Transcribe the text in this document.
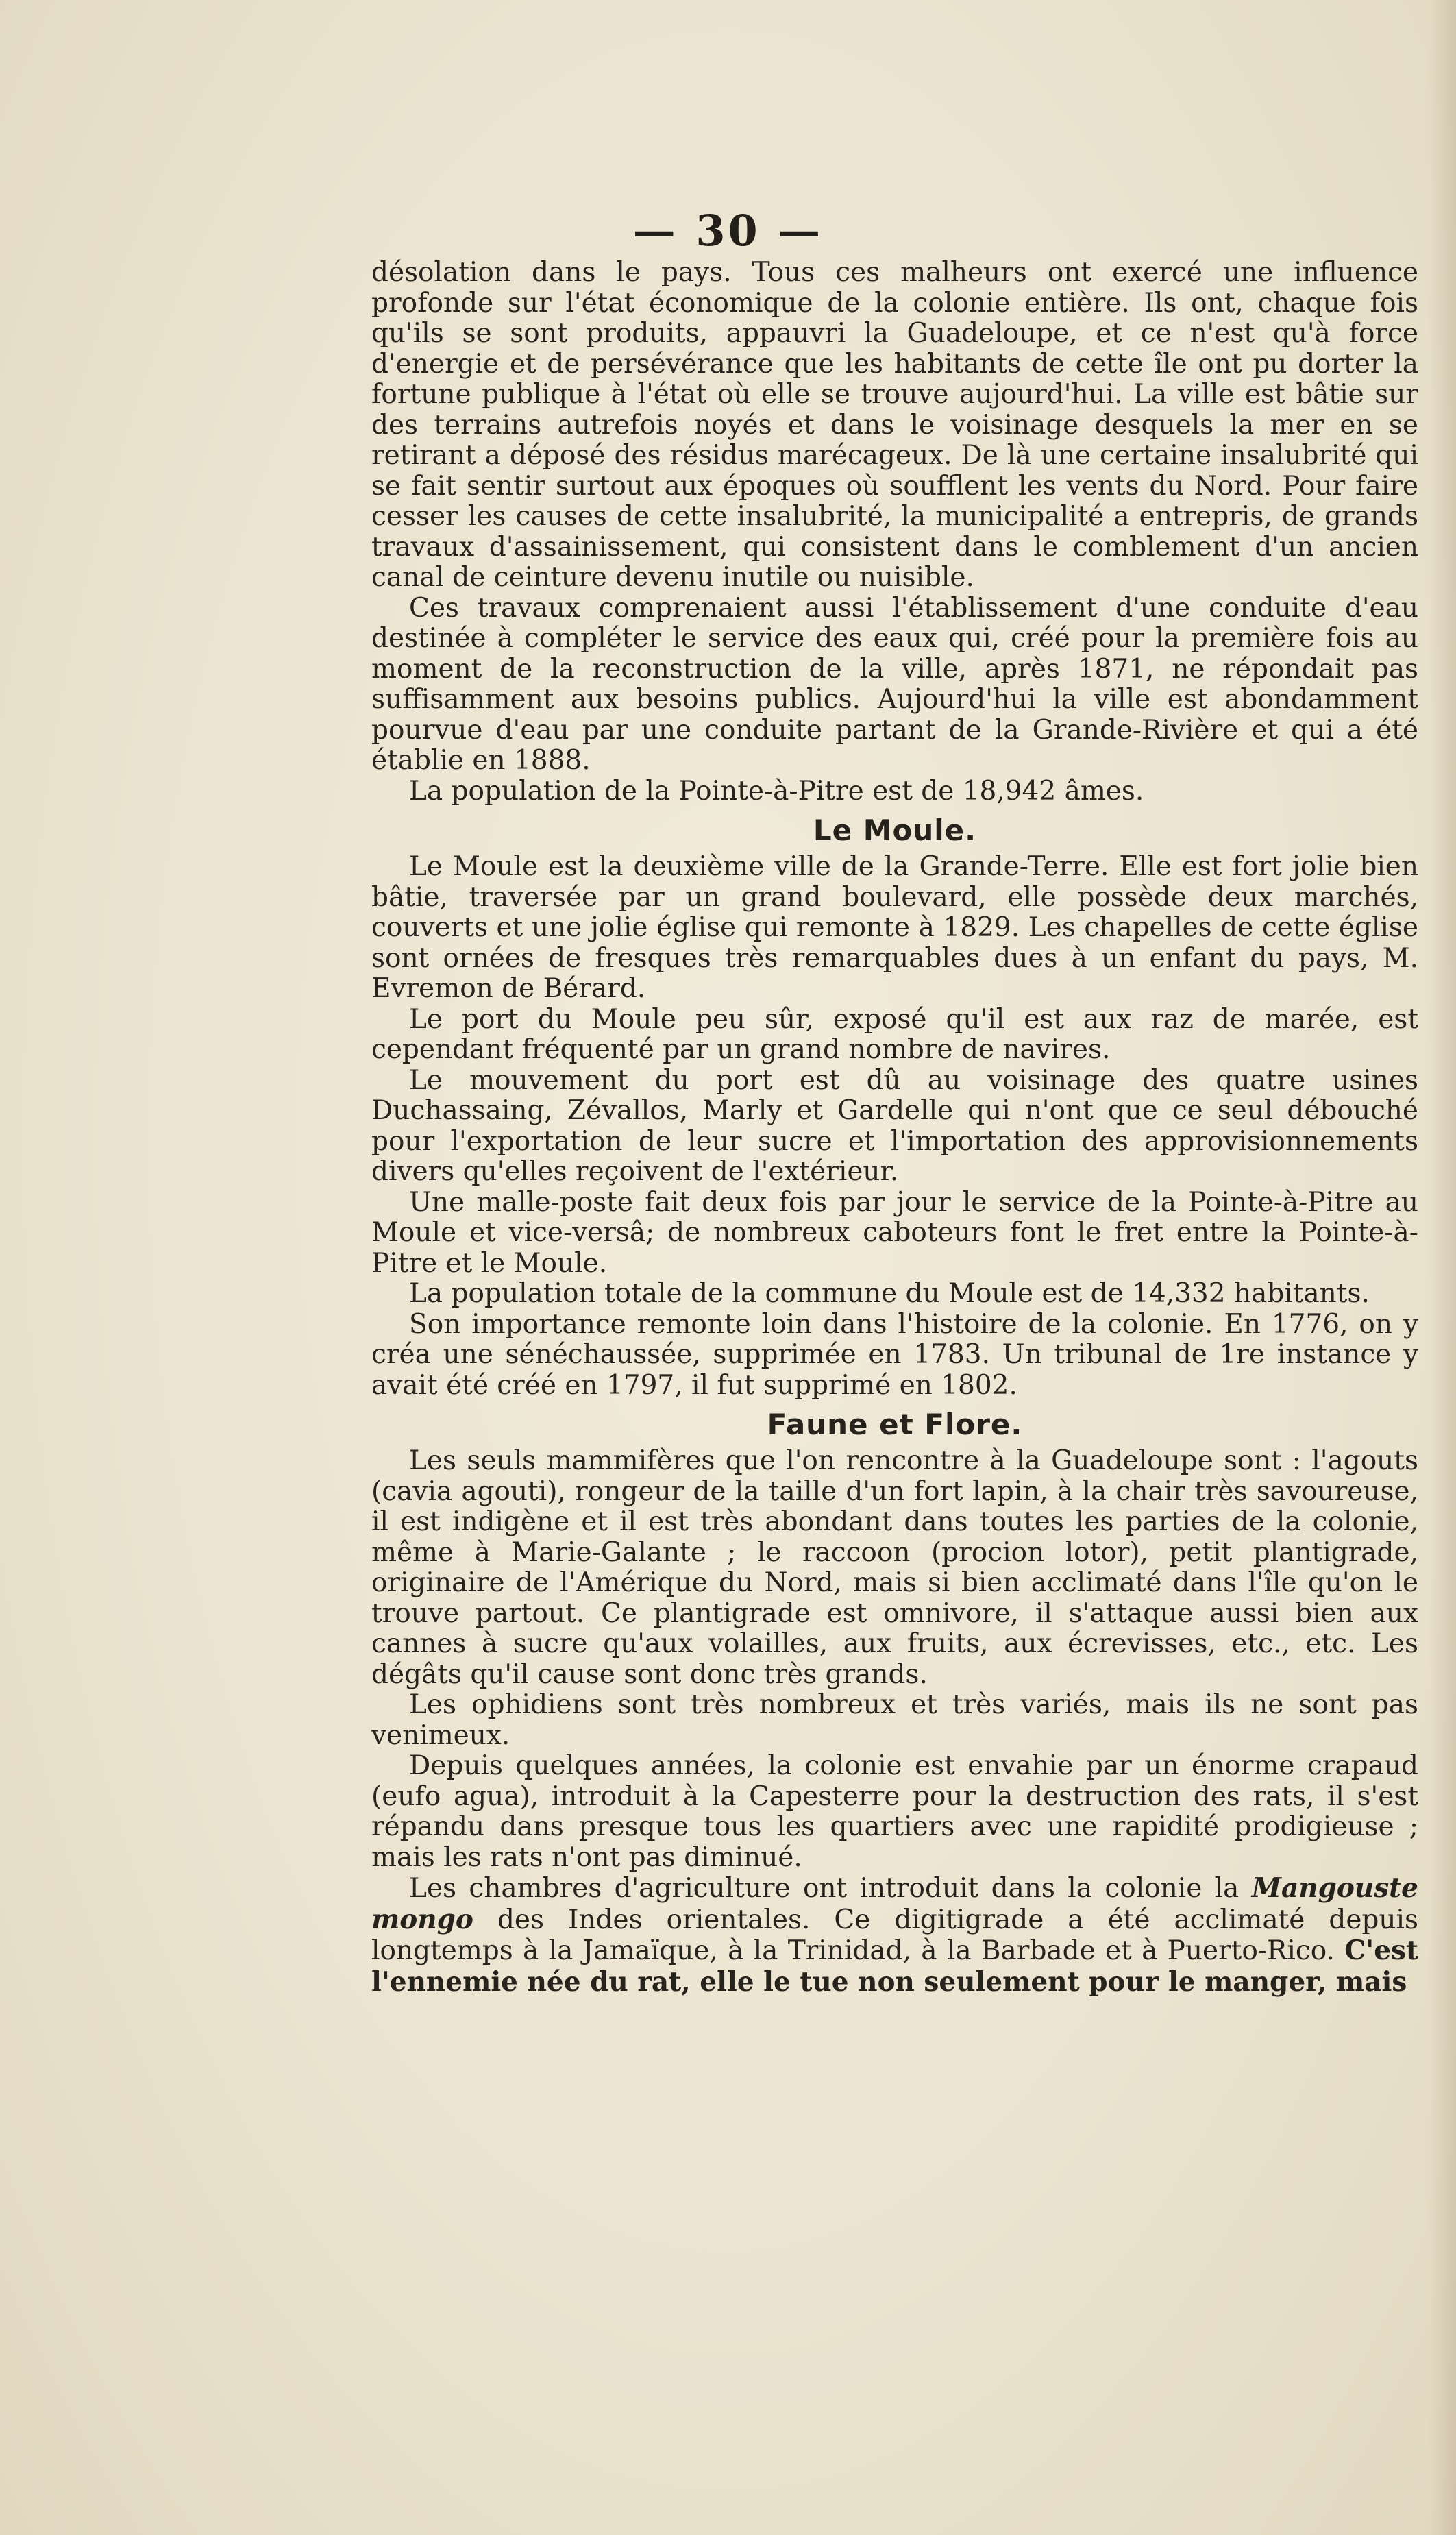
— 30 —

désolation dans le pays. Tous ces malheurs ont exercé une influence profonde sur l'état économique de la colonie entière. Ils ont, chaque fois qu'ils se sont produits, appauvri la Guadeloupe, et ce n'est qu'à force d'energie et de persévérance que les habitants de cette île ont pu dorter la fortune publique à l'état où elle se trouve aujourd'hui. La ville est bâtie sur des terrains autrefois noyés et dans le voisinage desquels la mer en se retirant a déposé des résidus marécageux. De là une certaine insalubrité qui se fait sentir surtout aux époques où soufflent les vents du Nord. Pour faire cesser les causes de cette insalubrité, la municipalité a entrepris, de grands travaux d'assainissement, qui consistent dans le comblement d'un ancien canal de ceinture devenu inutile ou nuisible.

Ces travaux comprenaient aussi l'établissement d'une conduite d'eau destinée à compléter le service des eaux qui, créé pour la première fois au moment de la reconstruction de la ville, après 1871, ne répondait pas suffisamment aux besoins publics. Aujourd'hui la ville est abondamment pourvue d'eau par une conduite partant de la Grande-Rivière et qui a été établie en 1888.

La population de la Pointe-à-Pitre est de 18,942 âmes.

Le Moule.

Le Moule est la deuxième ville de la Grande-Terre. Elle est fort jolie bien bâtie, traversée par un grand boulevard, elle possède deux marchés, couverts et une jolie église qui remonte à 1829. Les chapelles de cette église sont ornées de fresques très remarquables dues à un enfant du pays, M. Evremon de Bérard.

Le port du Moule peu sûr, exposé qu'il est aux raz de marée, est cependant fréquenté par un grand nombre de navires.

Le mouvement du port est dû au voisinage des quatre usines Duchassaing, Zévallos, Marly et Gardelle qui n'ont que ce seul débouché pour l'exportation de leur sucre et l'importation des approvisionnements divers qu'elles reçoivent de l'extérieur.

Une malle-poste fait deux fois par jour le service de la Pointe-à-Pitre au Moule et vice-versâ; de nombreux caboteurs font le fret entre la Pointe-à-Pitre et le Moule.

La population totale de la commune du Moule est de 14,332 habitants.

Son importance remonte loin dans l'histoire de la colonie. En 1776, on y créa une sénéchaussée, supprimée en 1783. Un tribunal de 1re instance y avait été créé en 1797, il fut supprimé en 1802.

Faune et Flore.

Les seuls mammifères que l'on rencontre à la Guadeloupe sont : l'agouts (cavia agouti), rongeur de la taille d'un fort lapin, à la chair très savoureuse, il est indigène et il est très abondant dans toutes les parties de la colonie, même à Marie-Galante ; le raccoon (procion lotor), petit plantigrade, originaire de l'Amérique du Nord, mais si bien acclimaté dans l'île qu'on le trouve partout. Ce plantigrade est omnivore, il s'attaque aussi bien aux cannes à sucre qu'aux volailles, aux fruits, aux écrevisses, etc., etc. Les dégâts qu'il cause sont donc très grands.

Les ophidiens sont très nombreux et très variés, mais ils ne sont pas venimeux.

Depuis quelques années, la colonie est envahie par un énorme crapaud (eufo agua), introduit à la Capesterre pour la destruction des rats, il s'est répandu dans presque tous les quartiers avec une rapidité prodigieuse ; mais les rats n'ont pas diminué.

Les chambres d'agriculture ont introduit dans la colonie la Mangouste mongo des Indes orientales. Ce digitigrade a été acclimaté depuis longtemps à la Jamaïque, à la Trinidad, à la Barbade et à Puerto-Rico. C'est l'ennemie née du rat, elle le tue non seulement pour le manger, mais
